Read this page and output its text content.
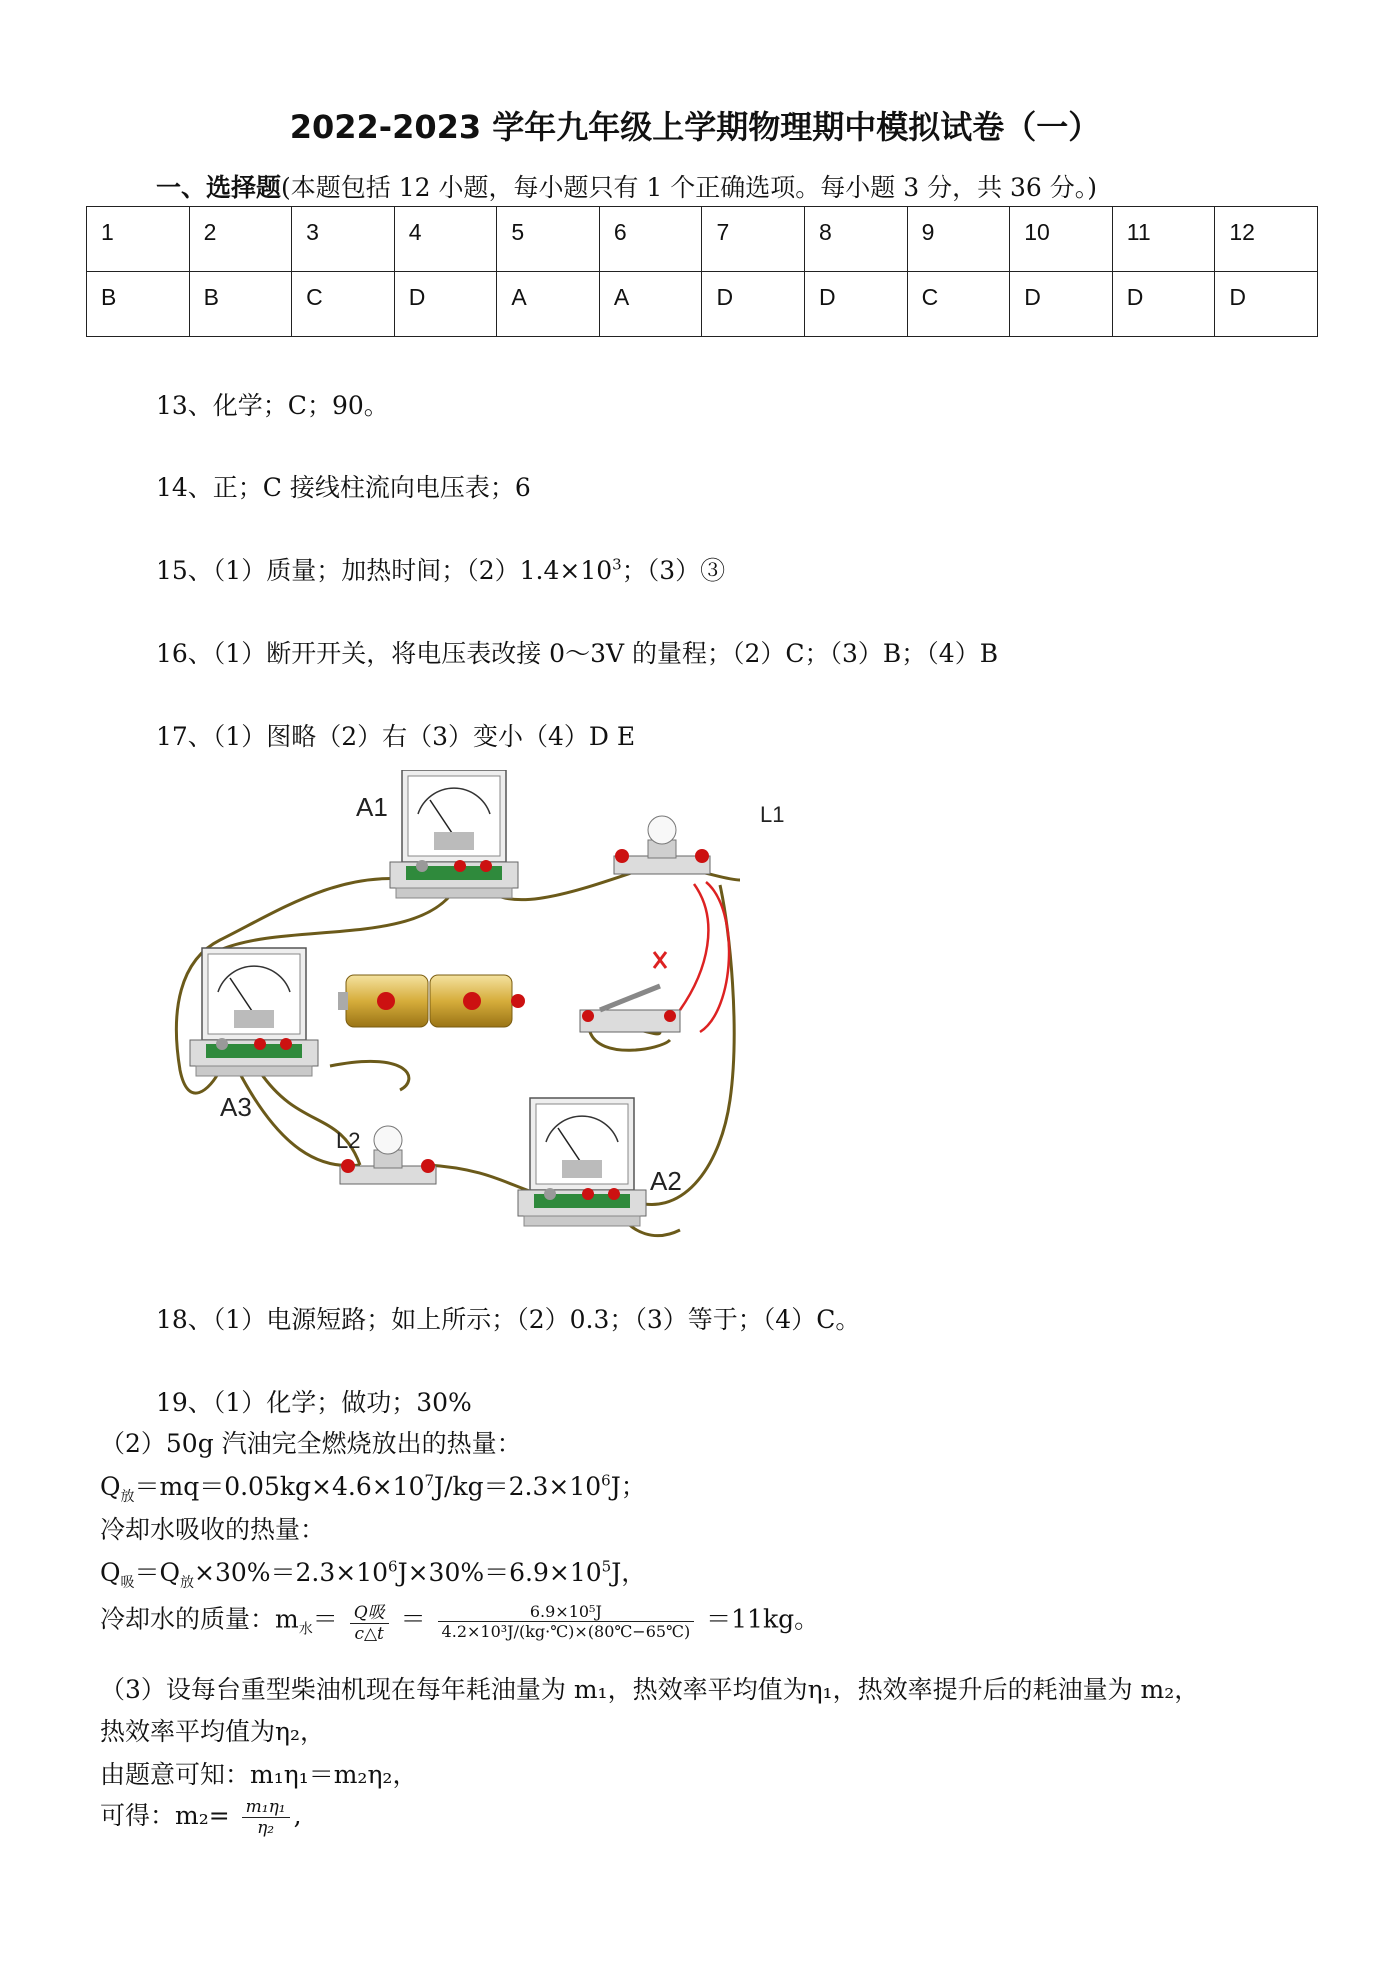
2022-2023 学年九年级上学期物理期中模拟试卷（一）
一、选择题(本题包括 12 小题，每小题只有 1 个正确选项。每小题 3 分，共 36 分。)
1	2	3	4	5	6	7	8	9	10	11	12

B	B	C	D	A	A	D	D	C	D	D	D
13、化学；C；90。
14、正；C 接线柱流向电压表；6
15、（1）质量；加热时间；$(2)1.4\times 10^3$；（3）③
16、（1）断开开关，将电压表改接 0～3V 的量程；（2）C；（3）B；（4）B
17、（1）图略（2）右（3）变小（4）D E
A1	L1
A3
L2
A2
18、（1）电源短路；如上所示；（2）0.3；（3）等于；（4）C。
19、（1）化学；做功；30%
（2）50g 汽油完全燃烧放出的热量：
$Q_放=mq=0.05kg\times 4.6\times 10^7J/kg=2.3\times 10^6J$；
冷却水吸收的热量：
$Q_吸=Q_放\times 30\%=2.3\times 10^6J\times 30\%=6.9\times 10^5J$，
冷却水的质量：$m_水= \frac{\text{Q吸}}{c\triangle t} = \frac{\text{6.9×10⁵J}}{\text{4.2×10³J/(kg·℃)×(80℃−65℃)}} =11kg$。
（3）设每台重型柴油机现在每年耗油量为 m₁，热效率平均值为η₁，热效率提升后的耗油量为 m₂，
热效率平均值为η₂，
由题意可知：m₁η₁＝m₂η₂，
可得：$m_2= \frac{\text{m₁η₁}}{\text{η₂}}$ ,
